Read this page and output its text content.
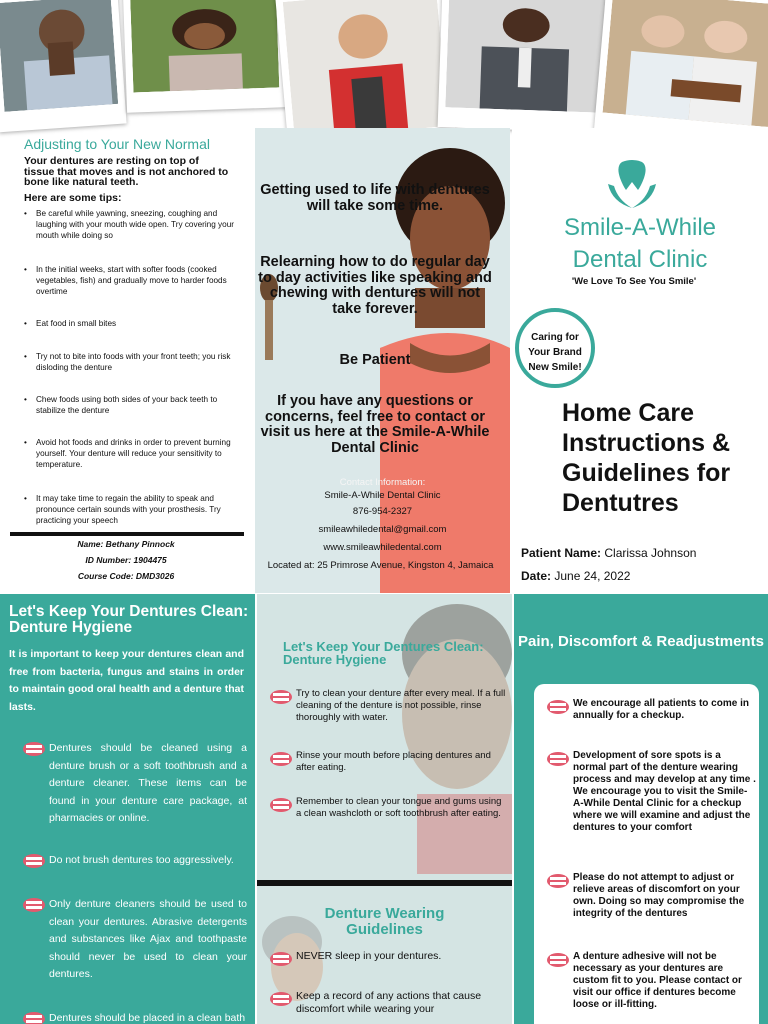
Adjusting to Your New Normal
Your dentures are resting on top of tissue that moves and is not anchored to bone like natural teeth.
Here are some tips:
•	Be careful while yawning, sneezing, coughing and laughing with your mouth wide open. Try covering your mouth while doing so
•	In the initial weeks, start with softer foods (cooked vegetables, fish) and gradually move to harder foods overtime
•	Eat food in small bites
•	Try not to bite into foods with your front teeth; you risk disloding the denture
•	Chew foods using both sides of your back teeth to stabilize the denture
•	Avoid hot foods and drinks in order to prevent burning yourself. Your denture will reduce your sensitivity to temperature.
•	It may take time to regain the ability to speak and pronounce certain sounds with your prosthesis. Try practicing your speech
Name: Bethany Pinnock
ID Number: 1904475
Course Code: DMD3026
Getting used to life with dentures will take some time.
Relearning how to do regular day to day activities like speaking and chewing with dentures will not take forever.
Be Patient
If you have any questions or concerns, feel free to contact or visit us here at the Smile-A-While Dental Clinic
Contact Information:
Smile-A-While Dental Clinic
876-954-2327
smileawhiledental@gmail.com
www.smileawhiledental.com
Located at: 25 Primrose Avenue, Kingston 4, Jamaica
Smile-A-While
Dental Clinic
'We Love To See You Smile'
Caring for
Your Brand
New Smile!
Home Care
Instructions &
Guidelines for
Dentutres
Patient Name: Clarissa Johnson
Date: June 24, 2022
Let's Keep Your Dentures Clean: Denture Hygiene
It is important to keep your dentures clean and free from bacteria, fungus and stains in order to maintain good oral health and a denture that lasts.
Dentures should be cleaned using a denture brush or a soft toothbrush and a denture cleaner. These items can be found in your denture care package, at pharmacies or online.
Do not brush dentures too aggressively.
Only denture cleaners should be used to clean your dentures. Abrasive detergents and substances like Ajax and toothpaste should never be used to clean your dentures.
Dentures should be placed in a clean bath
Let's Keep Your Dentures Clean: Denture Hygiene
Try to clean your denture after every meal. If a full cleaning of the denture is not possible, rinse thoroughly with water.
Rinse your mouth before placing dentures and after eating.
Remember to clean your tongue and gums using a clean washcloth or soft toothbrush after eating.
Denture Wearing Guidelines
NEVER sleep in your dentures.
Keep a record of any actions that cause discomfort while wearing your
Pain, Discomfort & Readjustments
We encourage all patients to come in annually for a checkup.
Development of sore spots is a normal part of the denture wearing process and may develop at any time . We encourage you to visit the Smile-A-While Dental Clinic for a checkup where we will examine and adjust the dentures to your comfort
Please do not attempt to adjust or relieve areas of discomfort on your own. Doing so may compromise the integrity of the dentures
A denture adhesive will not be necessary as your dentures are custom fit to you. Please contact or visit our office if dentures become loose or ill-fitting.
